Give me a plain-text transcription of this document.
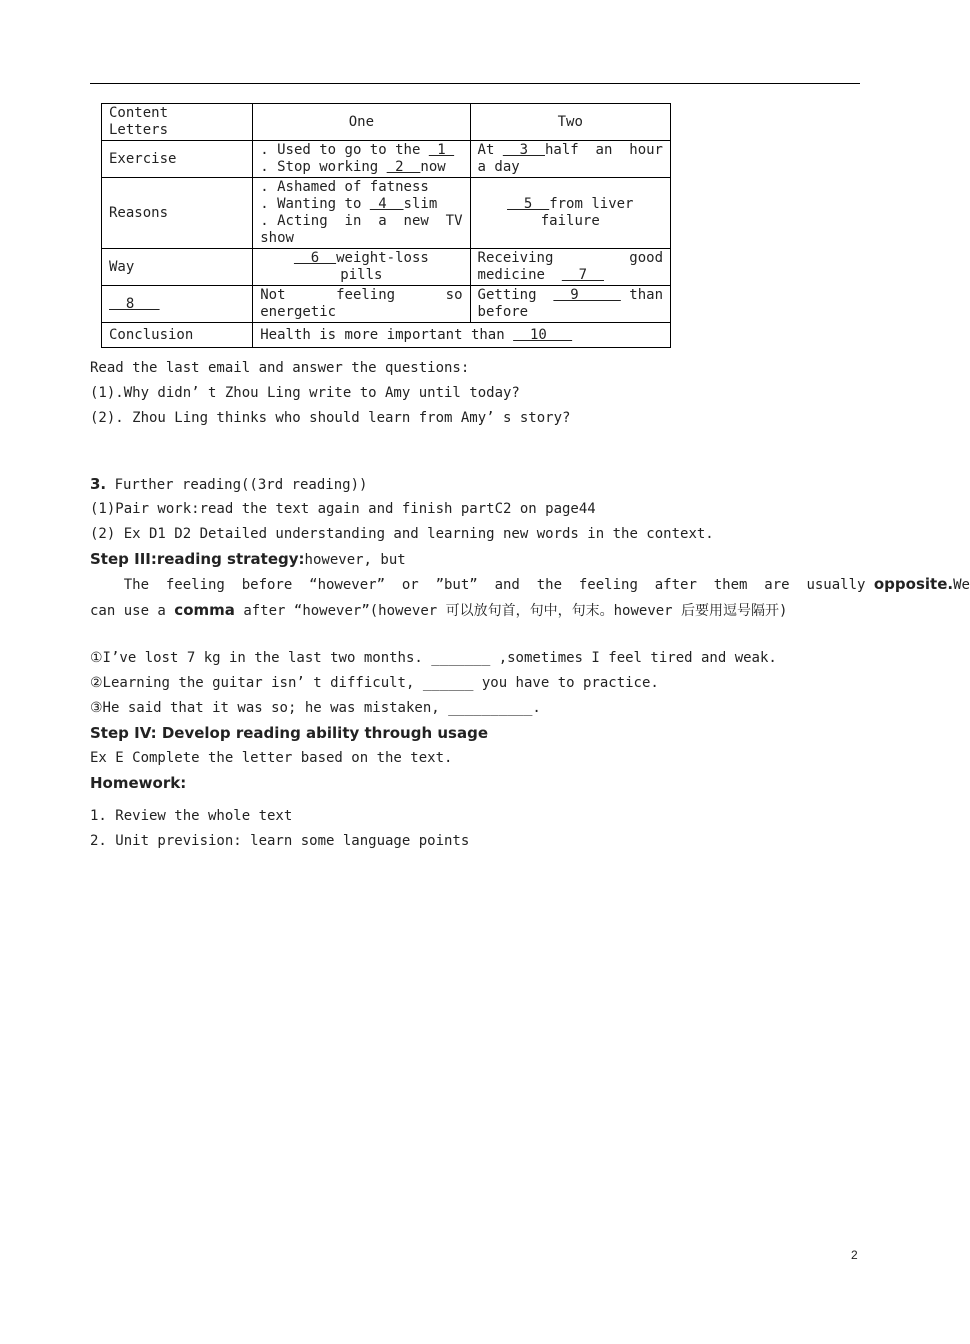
Content
Letters	One	Two
Exercise	. Used to go to the  1
. Stop working  2  now	At   3  half  an  hour
a day

Reasons	. Ashamed of fatness
. Wanting to  4  slim
. Acting  in  a  new  TV
show	5  from liver
failure

Way	6  weight-loss
pills	Receiving good
medicine    7

8	Not feeling so
energetic	Getting    9 than
before

Conclusion	Health is more important than   10	
Read the last email and answer the questions:
(1).Why didn’ t Zhou Ling write to Amy until today?
(2). Zhou Ling thinks who should learn from Amy’ s story?
3. Further reading((3rd reading))
(1)Pair work:read the text again and finish partC2 on page44
(2) Ex D1 D2 Detailed understanding and learning new words in the context.
Step III:reading strategy:however, but
The  feeling  before  “however”  or  ”but”  and  the  feeling  after  them  are  usually opposite.We can use a comma after “however”(however 可以放句首，句中，句末。however 后要用逗号隔开)
①I’ve lost 7 kg in the last two months. _______ ,sometimes I feel tired and weak.
②Learning the guitar isn’ t difficult, ______ you have to practice.
③He said that it was so; he was mistaken, __________.
Step IV: Develop reading ability through usage
Ex E Complete the letter based on the text.
Homework:
1. Review the whole text
2. Unit prevision: learn some language points
2
